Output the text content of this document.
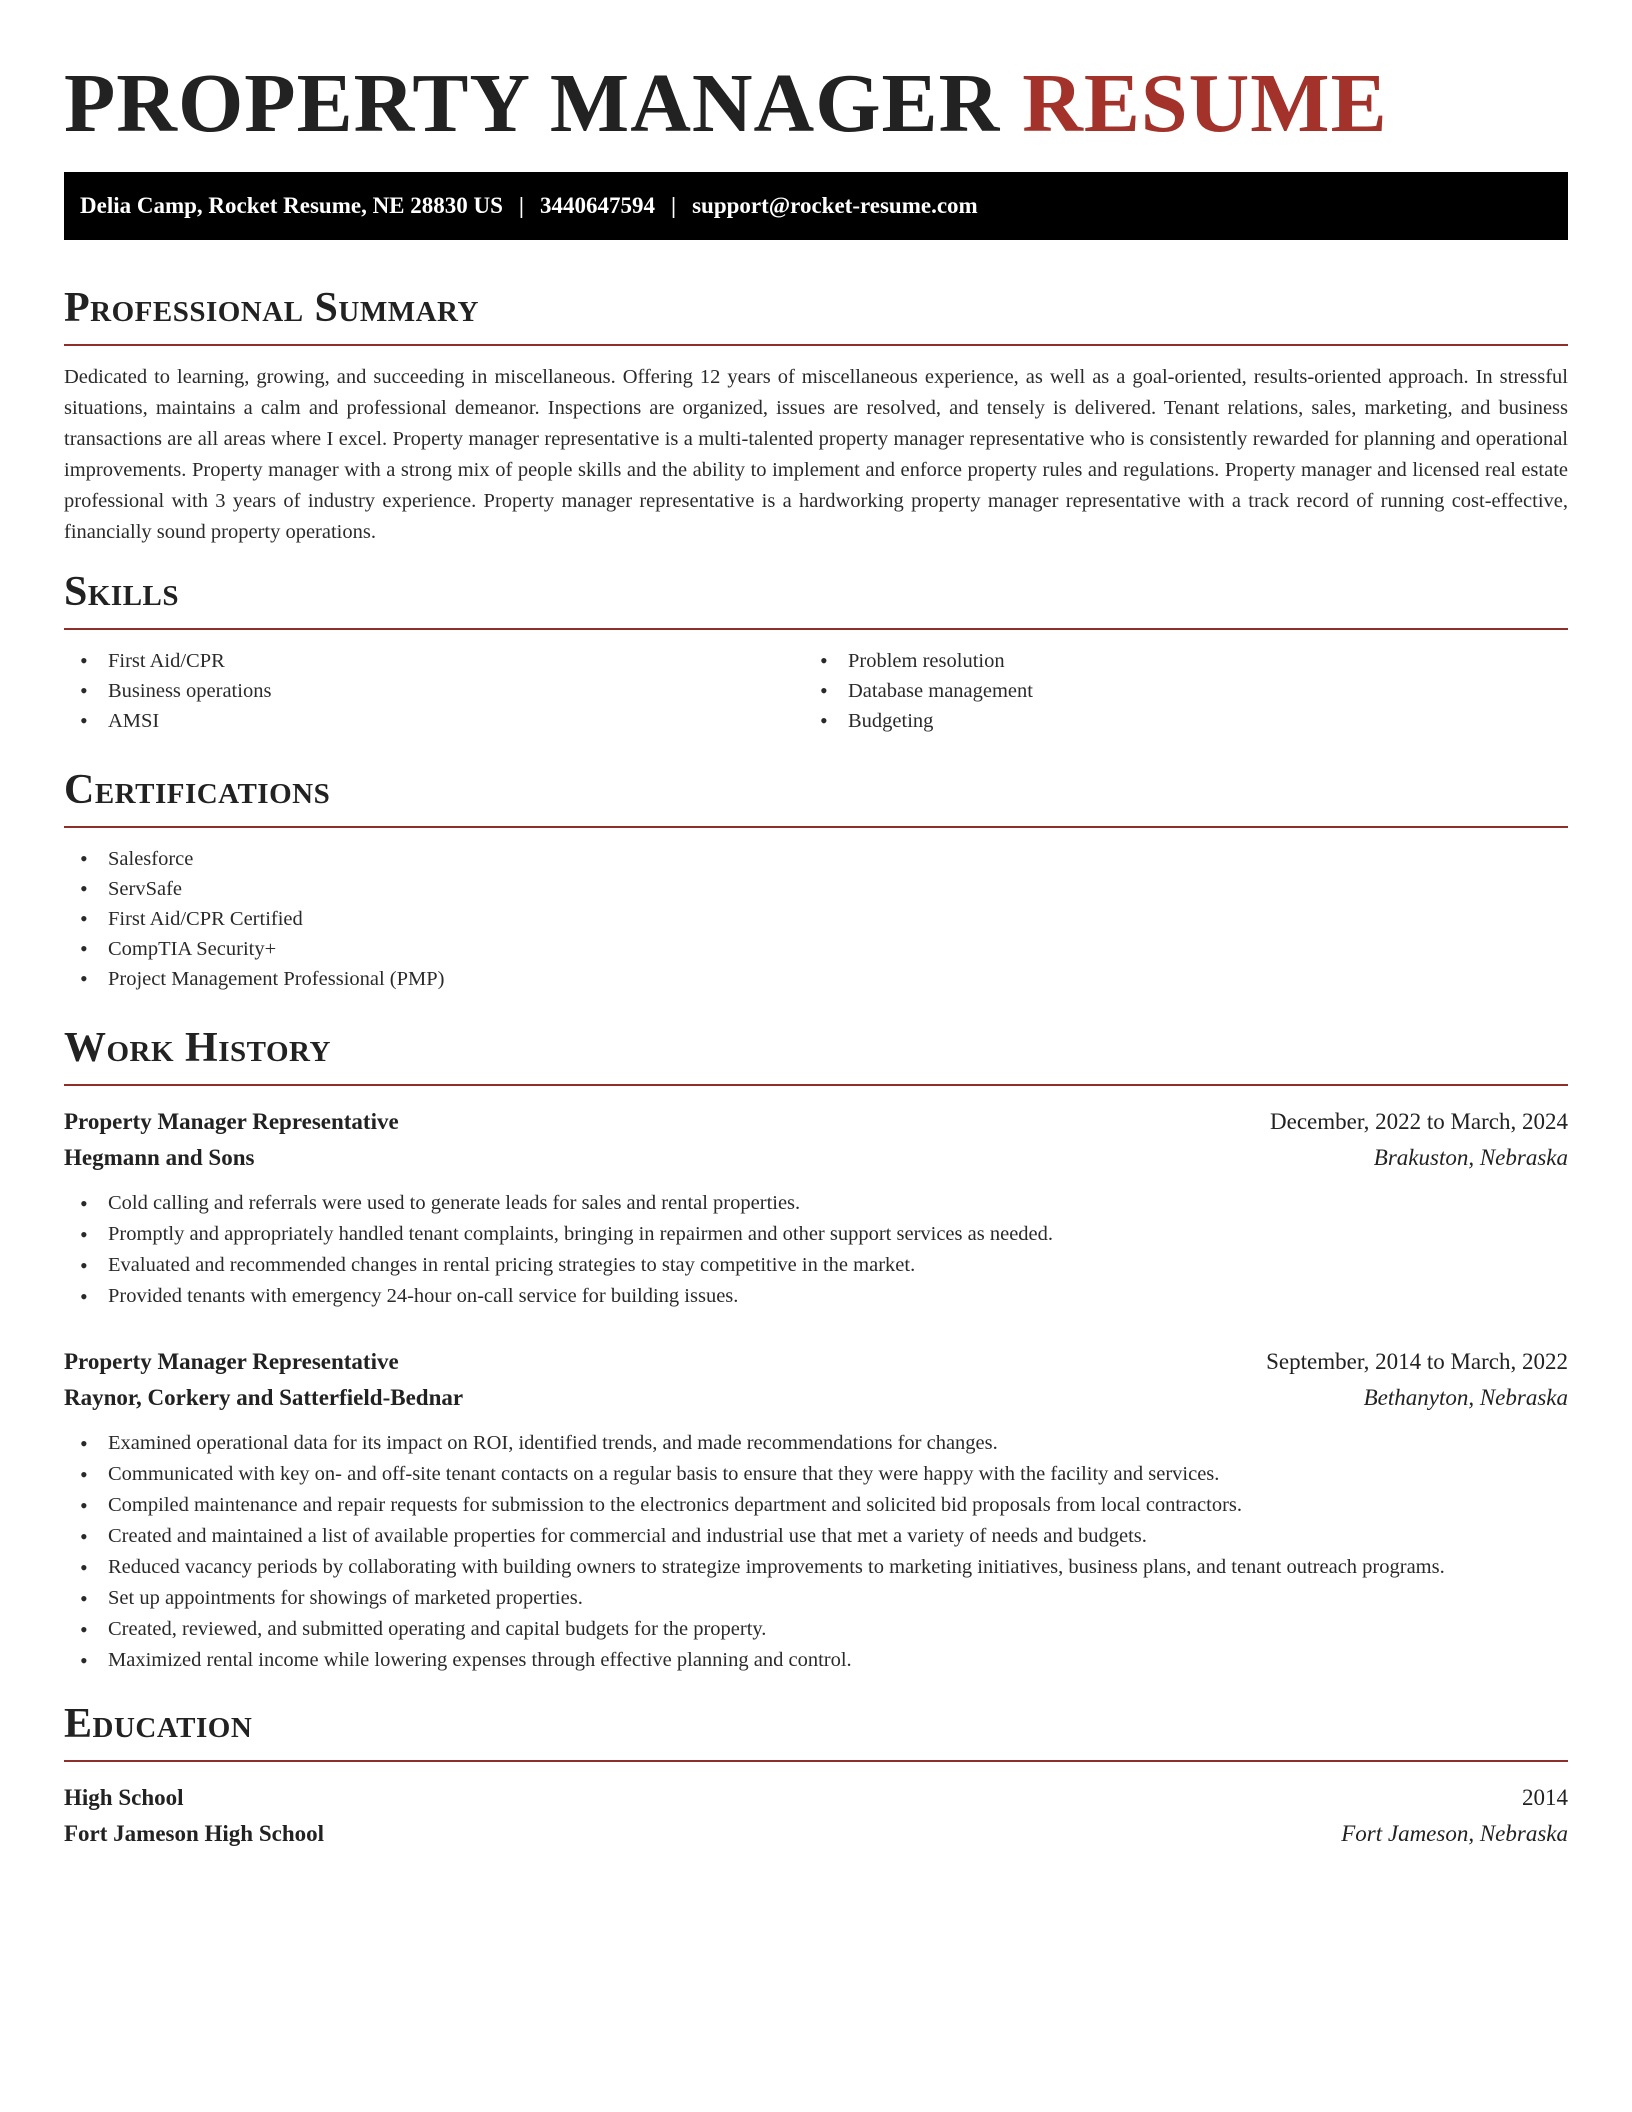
PROPERTY MANAGER RESUME
Delia Camp, Rocket Resume, NE 28830 US | 3440647594 | support@rocket-resume.com
Professional Summary

Dedicated to learning, growing, and succeeding in miscellaneous. Offering 12 years of miscellaneous experience, as well as a goal-oriented, results-oriented approach. In stressful situations, maintains a calm and professional demeanor. Inspections are organized, issues are resolved, and tensely is delivered. Tenant relations, sales, marketing, and business transactions are all areas where I excel. Property manager representative is a multi-talented property manager representative who is consistently rewarded for planning and operational improvements. Property manager with a strong mix of people skills and the ability to implement and enforce property rules and regulations. Property manager and licensed real estate professional with 3 years of industry experience. Property manager representative is a hardworking property manager representative with a track record of running cost-effective, financially sound property operations.

Skills
• First Aid/CPR
• Business operations
• AMSI
• Problem resolution
• Database management
• Budgeting
Certifications
• Salesforce
• ServSafe
• First Aid/CPR Certified
• CompTIA Security+
• Project Management Professional (PMP)
Work History
Property Manager Representative	December, 2022 to March, 2024
Hegmann and Sons	Brakuston, Nebraska
• Cold calling and referrals were used to generate leads for sales and rental properties.
• Promptly and appropriately handled tenant complaints, bringing in repairmen and other support services as needed.
• Evaluated and recommended changes in rental pricing strategies to stay competitive in the market.
• Provided tenants with emergency 24-hour on-call service for building issues.
Property Manager Representative	September, 2014 to March, 2022
Raynor, Corkery and Satterfield-Bednar	Bethanyton, Nebraska
• Examined operational data for its impact on ROI, identified trends, and made recommendations for changes.
• Communicated with key on- and off-site tenant contacts on a regular basis to ensure that they were happy with the facility and services.
• Compiled maintenance and repair requests for submission to the electronics department and solicited bid proposals from local contractors.
• Created and maintained a list of available properties for commercial and industrial use that met a variety of needs and budgets.
• Reduced vacancy periods by collaborating with building owners to strategize improvements to marketing initiatives, business plans, and tenant outreach programs.
• Set up appointments for showings of marketed properties.
• Created, reviewed, and submitted operating and capital budgets for the property.
• Maximized rental income while lowering expenses through effective planning and control.
Education
High School	2014
Fort Jameson High School	Fort Jameson, Nebraska
